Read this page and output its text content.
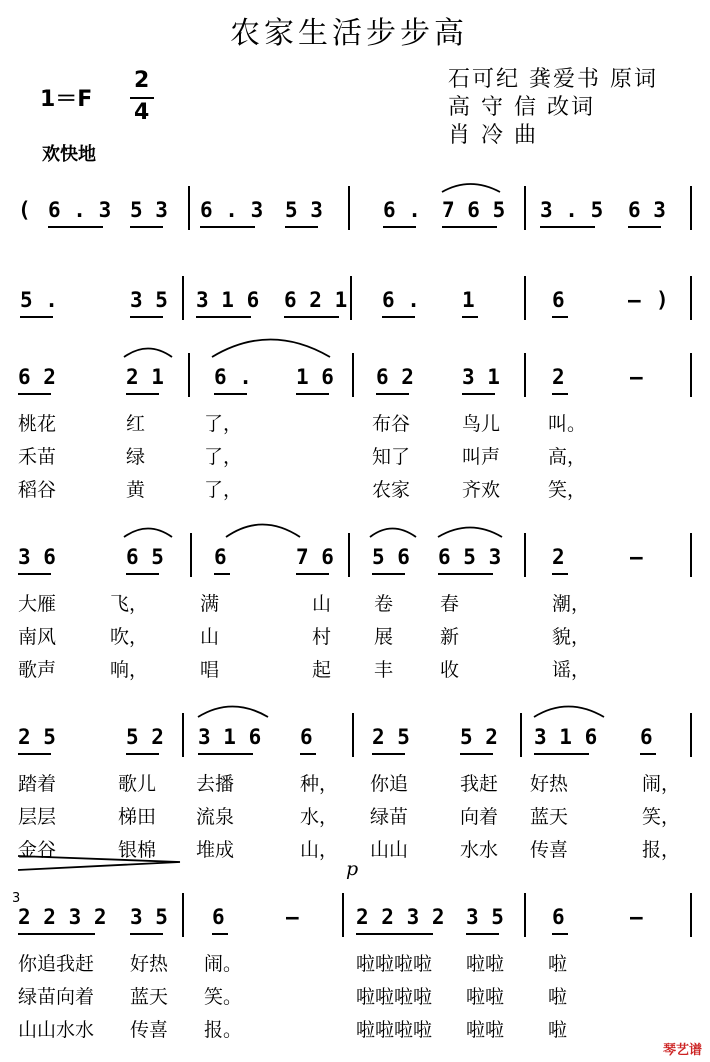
农家生活步步高
1＝F
2
4
石可纪 龚爱书 原词
高 守 信 改词
肖 冷 曲
欢快地
( 6 . 3 5 3 6 . 3 5 3	6 . 7 6 5 3 . 5 6 3
5 .	3 5 3 1 6 6 2 1 6 . 1	6	— )
6 2	2 1 6 . 1 6 6 2 3 1 2	—
桃花	红	了，	布谷	鸟儿	叫。
禾苗	绿	了，	知了	叫声	高，
稻谷	黄	了，	农家	齐欢	笑，
3 6	6 5 6	7 6 5 6 6 5 3 2	—
大雁	飞，	满	山 卷 春	潮，
南风	吹，	山	村 展 新	貌，
歌声	响，	唱	起 丰 收	谣，
2 5	5 2 3 1 6 6	2 5 5 2 3 1 6 6
踏着	歌儿 去播	种， 你追	我赶 好热	闹，
层层	梯田 流泉	水， 绿苗	向着 蓝天	笑，
金谷	银棉 堆成	山， 山山	水水 传喜	报，
2 2 3 2 3 5 6	—	2 2 3 2 3 5 6	—
你追我赶 好热 闹。	啦啦啦啦 啦啦 啦
绿苗向着 蓝天 笑。	啦啦啦啦 啦啦 啦
山山水水 传喜 报。	啦啦啦啦 啦啦 啦
p
3
琴艺谱
